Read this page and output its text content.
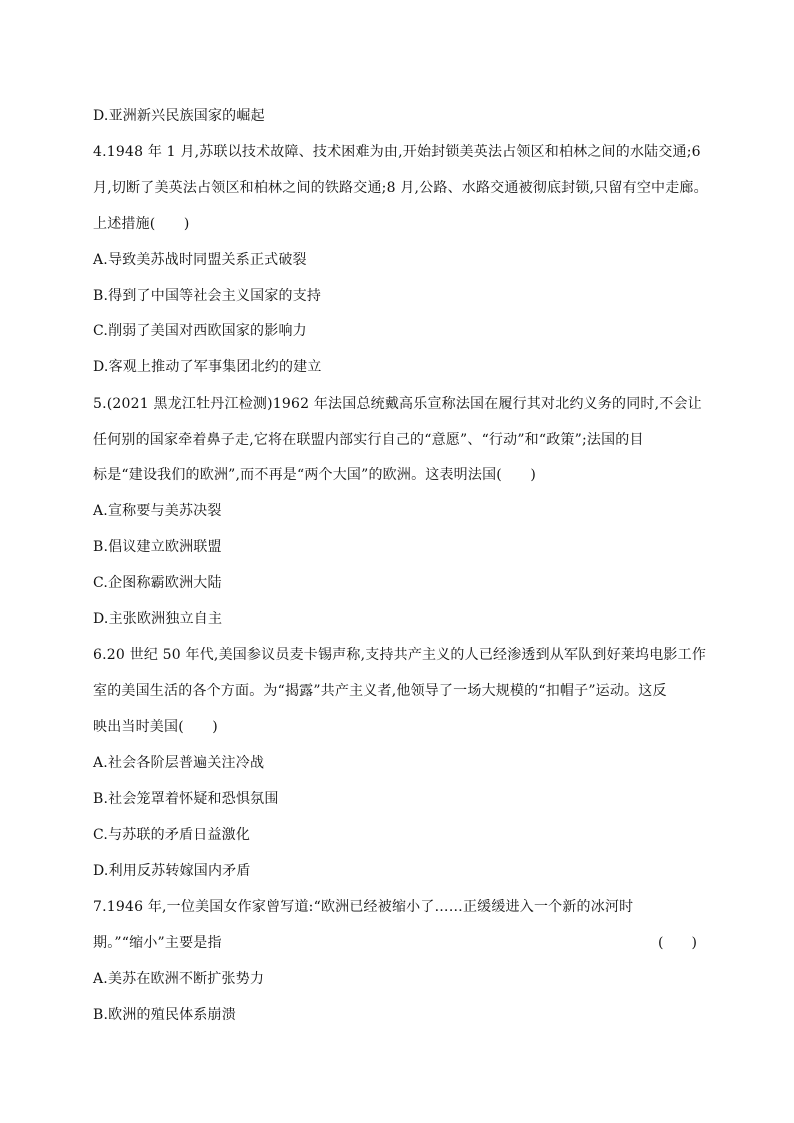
D.亚洲新兴民族国家的崛起
4.1948 年 1 月,苏联以技术故障、技术困难为由,开始封锁美英法占领区和柏林之间的水陆交通;6
月,切断了美英法占领区和柏林之间的铁路交通;8 月,公路、水路交通被彻底封锁,只留有空中走廊。
上述措施(　　)
A.导致美苏战时同盟关系正式破裂
B.得到了中国等社会主义国家的支持
C.削弱了美国对西欧国家的影响力
D.客观上推动了军事集团北约的建立
5.(2021 黑龙江牡丹江检测)1962 年法国总统戴高乐宣称法国在履行其对北约义务的同时,不会让
任何别的国家牵着鼻子走,它将在联盟内部实行自己的“意愿”、“行动”和“政策”;法国的目
标是“建设我们的欧洲”,而不再是“两个大国”的欧洲。这表明法国(　　)
A.宣称要与美苏决裂
B.倡议建立欧洲联盟
C.企图称霸欧洲大陆
D.主张欧洲独立自主
6.20 世纪 50 年代,美国参议员麦卡锡声称,支持共产主义的人已经渗透到从军队到好莱坞电影工作
室的美国生活的各个方面。为“揭露”共产主义者,他领导了一场大规模的“扣帽子”运动。这反
映出当时美国(　　)
A.社会各阶层普遍关注冷战
B.社会笼罩着怀疑和恐惧氛围
C.与苏联的矛盾日益激化
D.利用反苏转嫁国内矛盾
7.1946 年,一位美国女作家曾写道:“欧洲已经被缩小了……正缓缓进入一个新的冰河时
期。”“缩小”主要是指	(　　)
A.美苏在欧洲不断扩张势力
B.欧洲的殖民体系崩溃
